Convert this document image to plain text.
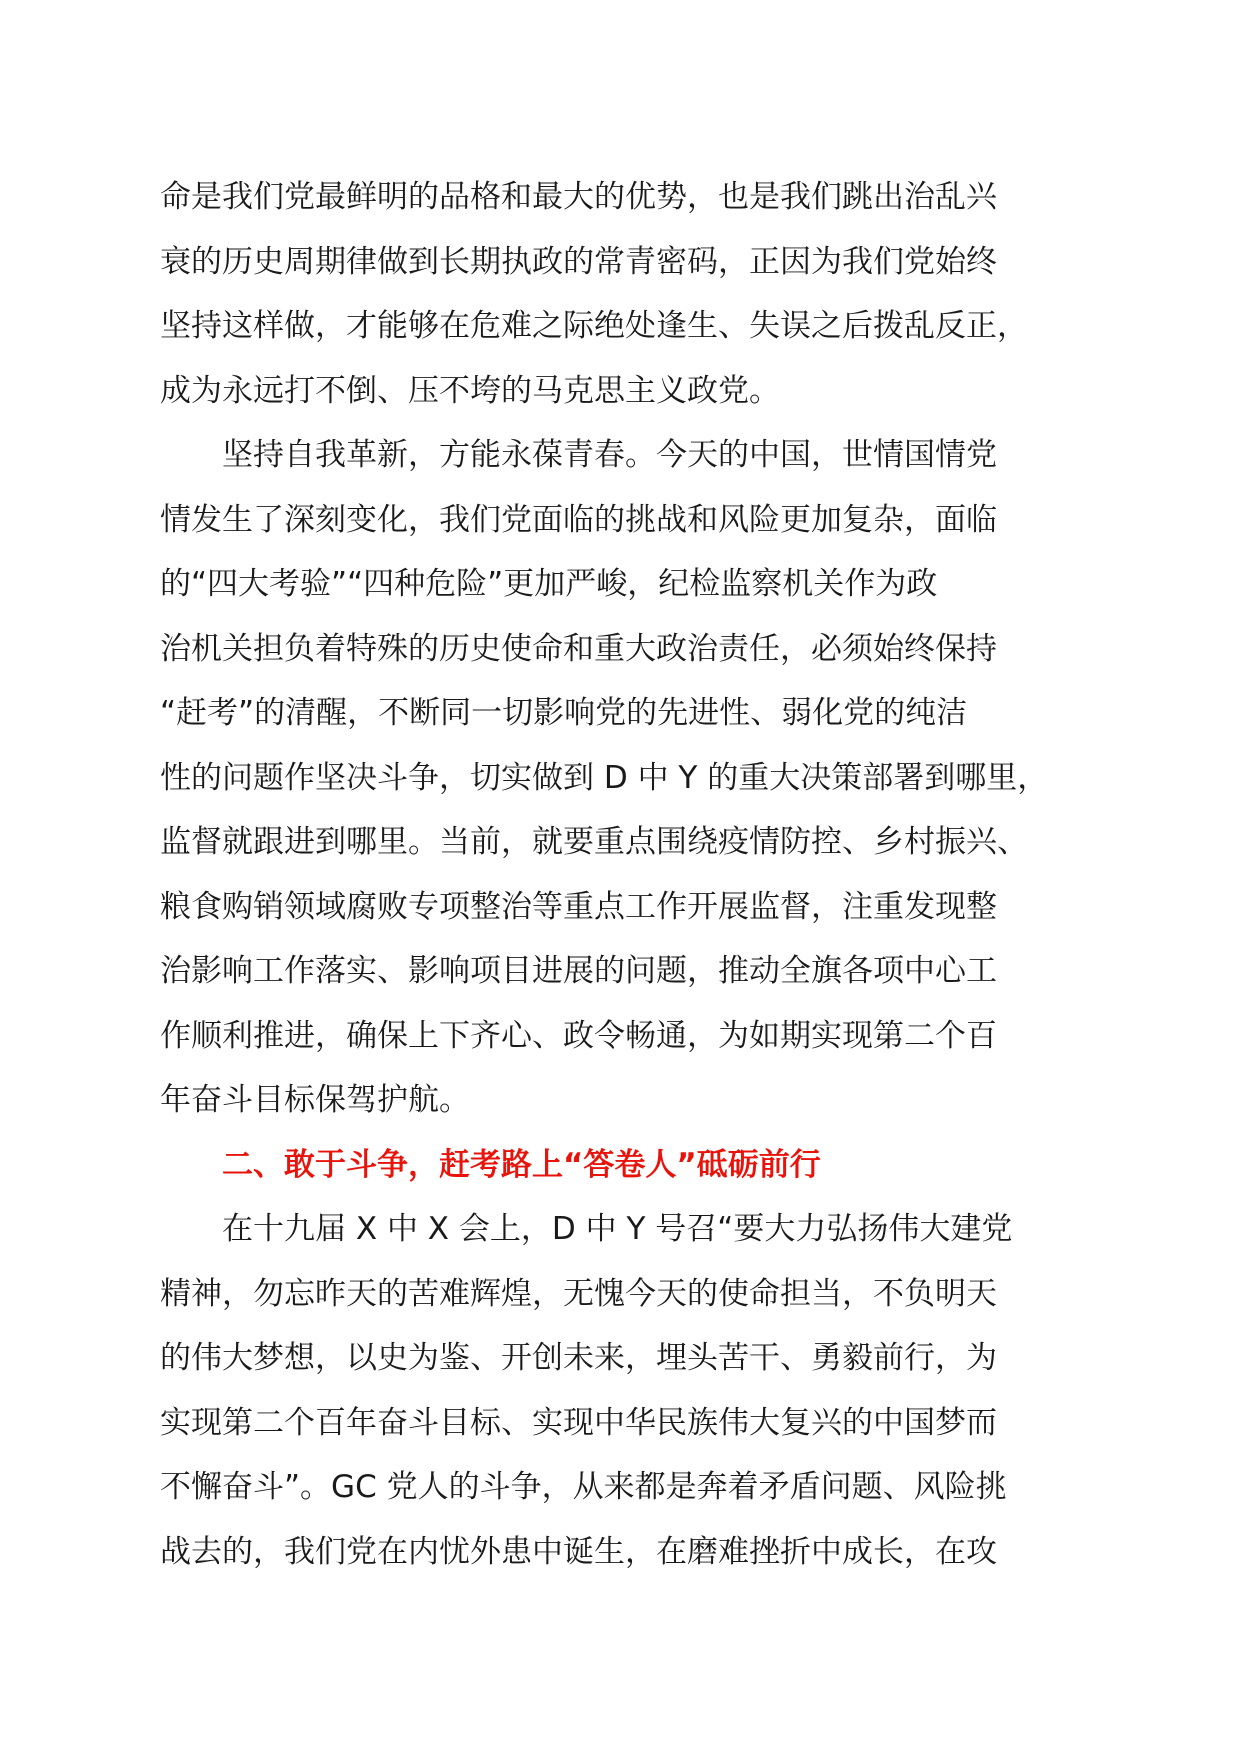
命是我们党最鲜明的品格和最大的优势，也是我们跳出治乱兴
衰的历史周期律做到长期执政的常青密码，正因为我们党始终
坚持这样做，才能够在危难之际绝处逢生、失误之后拨乱反正，
成为永远打不倒、压不垮的马克思主义政党。

坚持自我革新，方能永葆青春。今天的中国，世情国情党
情发生了深刻变化，我们党面临的挑战和风险更加复杂，面临
的“四大考验”“四种危险”更加严峻，纪检监察机关作为政
治机关担负着特殊的历史使命和重大政治责任，必须始终保持
“赶考”的清醒，不断同一切影响党的先进性、弱化党的纯洁
性的问题作坚决斗争，切实做到 D 中 Y 的重大决策部署到哪里，
监督就跟进到哪里。当前，就要重点围绕疫情防控、乡村振兴、
粮食购销领域腐败专项整治等重点工作开展监督，注重发现整
治影响工作落实、影响项目进展的问题，推动全旗各项中心工
作顺利推进，确保上下齐心、政令畅通，为如期实现第二个百
年奋斗目标保驾护航。

二、敢于斗争，赶考路上“答卷人”砥砺前行

在十九届 X 中 X 会上，D 中 Y 号召“要大力弘扬伟大建党
精神，勿忘昨天的苦难辉煌，无愧今天的使命担当，不负明天
的伟大梦想，以史为鉴、开创未来，埋头苦干、勇毅前行，为
实现第二个百年奋斗目标、实现中华民族伟大复兴的中国梦而
不懈奋斗”。GC 党人的斗争，从来都是奔着矛盾问题、风险挑
战去的，我们党在内忧外患中诞生，在磨难挫折中成长，在攻
